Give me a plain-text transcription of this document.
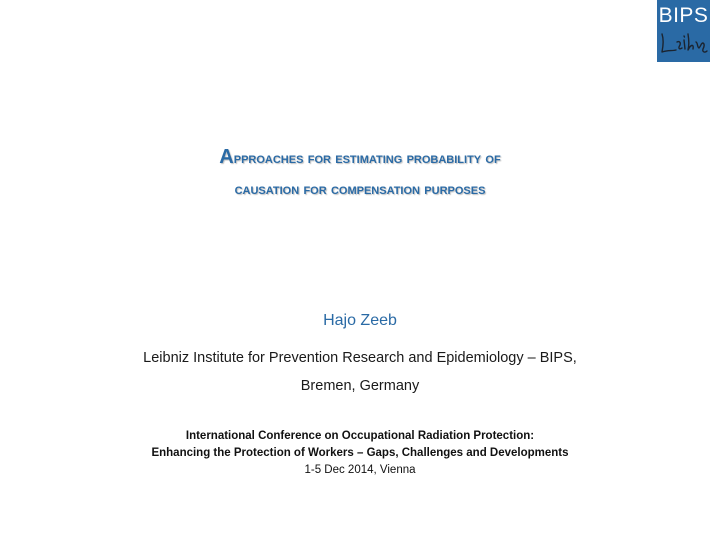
BIPS
Approaches for estimating probability of
causation for compensation purposes
Hajo Zeeb
Leibniz Institute for Prevention Research and Epidemiology – BIPS,
Bremen, Germany
International Conference on Occupational Radiation Protection:
Enhancing the Protection of Workers – Gaps, Challenges and Developments
1-5 Dec 2014, Vienna
